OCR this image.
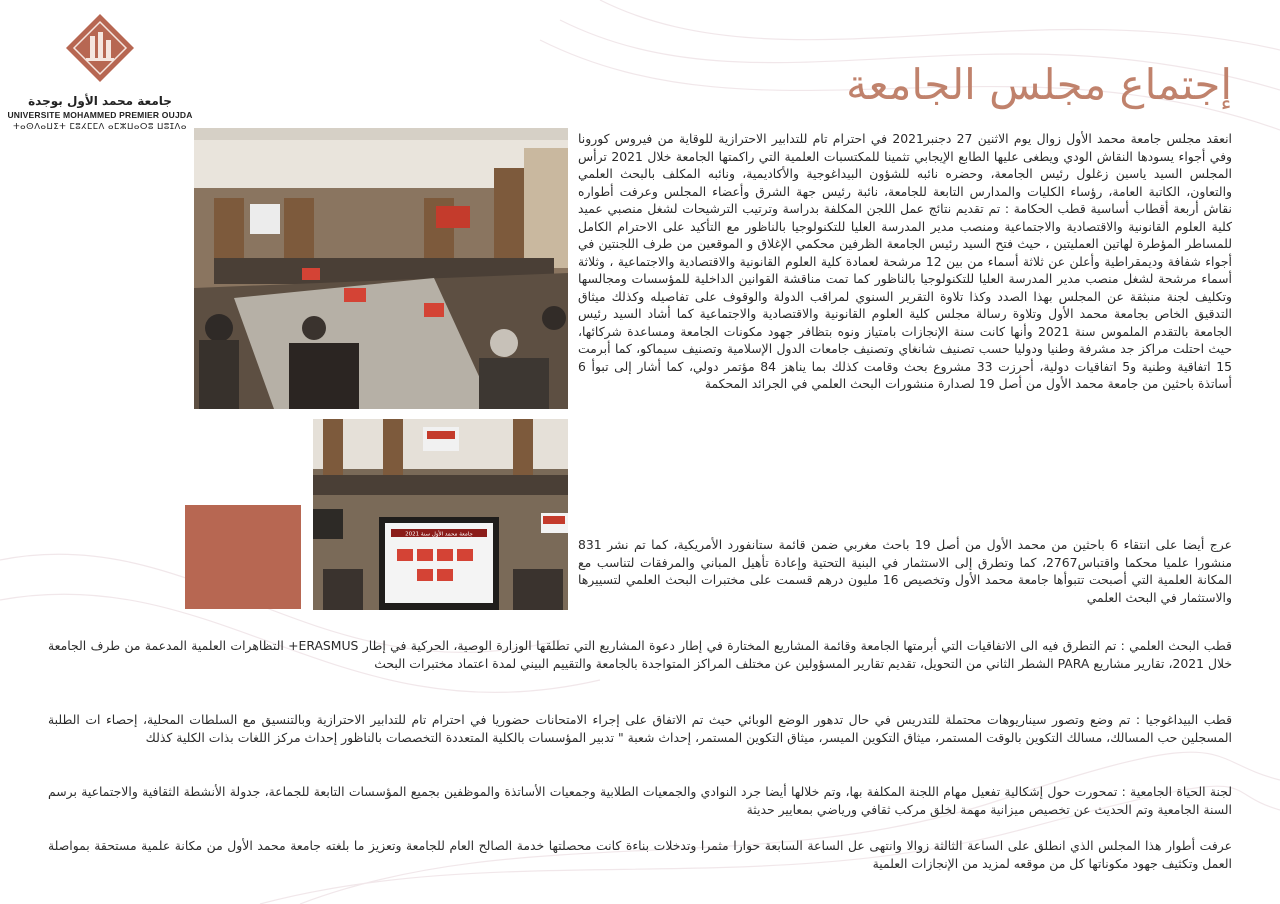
جامعة محمد الأول بوجدة
UNIVERSITE MOHAMMED PREMIER OUJDA
ⵜⴰⵙⴷⴰⵡⵉⵜ ⵎⵓⵃⵎⵎⴷ ⴰⵎⵣⵡⴰⵔⵓ ⵡⵓⵊⴷⴰ
إجتماع مجلس الجامعة
جامعة محمد الأول سنة 2021

انعقد مجلس جامعة محمد الأول زوال يوم الاثنين 27 دجنبر2021 في احترام تام للتدابير الاحترازية للوقاية من فيروس كورونا وفي أجواء يسودها النقاش الودي ويطغى عليها الطابع الإيجابي تثمينا للمكتسبات العلمية التي راكمتها الجامعة خلال 2021 ترأس المجلس السيد ياسين زغلول رئيس الجامعة، وحضره نائبه للشؤون البيداغوجية والأكاديمية، ونائبه المكلف بالبحث العلمي والتعاون، الكاتبة العامة، رؤساء الكليات والمدارس التابعة للجامعة، نائبة رئيس جهة الشرق وأعضاء المجلس وعرفت أطواره نقاش أربعة أقطاب أساسية قطب الحكامة : تم تقديم نتائج عمل اللجن المكلفة بدراسة وترتيب الترشيحات لشغل منصبي عميد كلية العلوم القانونية والاقتصادية والاجتماعية ومنصب مدير المدرسة العليا للتكنولوجيا بالناظور مع التأكيد على الاحترام الكامل للمساطر المؤطرة لهاتين العمليتين ، حيث فتح السيد رئيس الجامعة الظرفين محكمي الإغلاق و الموقعين من طرف اللجنتين في أجواء شفافة وديمقراطية وأعلن عن ثلاثة أسماء من بين 12 مرشحة لعمادة كلية العلوم القانونية والاقتصادية والاجتماعية ، وثلاثة أسماء مرشحة لشغل منصب مدير المدرسة العليا للتكنولوجيا بالناظور كما تمت مناقشة القوانين الداخلية للمؤسسات ومجالسها وتكليف لجنة منبثقة عن المجلس بهذا الصدد وكذا تلاوة التقرير السنوي لمراقب الدولة والوقوف على تفاصيله وكذلك ميثاق التدقيق الخاص بجامعة محمد الأول وتلاوة رسالة مجلس كلية العلوم القانونية والاقتصادية والاجتماعية كما أشاد السيد رئيس الجامعة بالتقدم الملموس سنة 2021 وأنها كانت سنة الإنجازات بامتياز ونوه بتظافر جهود مكونات الجامعة ومساعدة شركائها، حيث احتلت مراكز جد مشرفة وطنيا ودوليا حسب تصنيف شانغاي وتصنيف جامعات الدول الإسلامية وتصنيف سيماكو، كما أبرمت 15 اتفاقية وطنية و5 اتفاقيات دولية، أحرزت 33 مشروع بحث وقامت كذلك بما يناهز 84 مؤتمر دولي، كما أشار إلى تبوأ 6 أساتذة باحثين من جامعة محمد الأول من أصل 19 لصدارة منشورات البحث العلمي في الجرائد المحكمة

عرج أيضا على انتقاء 6 باحثين من محمد الأول من أصل 19 باحث مغربي ضمن قائمة ستانفورد الأمريكية، كما تم نشر 831 منشورا علميا محكما واقتباس2767، كما وتطرق إلى الاستثمار في البنية التحتية وإعادة تأهيل المباني والمرفقات لتناسب مع المكانة العلمية التي أصبحت تتبوأها جامعة محمد الأول وتخصيص 16 مليون درهم قسمت على مختبرات البحث العلمي لتسييرها والاستثمار في البحث العلمي

قطب البحث العلمي : تم التطرق فيه الى الاتفاقيات التي أبرمتها الجامعة وقائمة المشاريع المختارة في إطار دعوة المشاريع التي تطلقها الوزارة الوصية، الحركية في إطار ERASMUS+ التظاهرات العلمية المدعمة من طرف الجامعة خلال 2021، تقارير مشاريع PARA الشطر الثاني من التحويل، تقديم تقارير المسؤولين عن مختلف المراكز المتواجدة بالجامعة والتقييم البيني لمدة اعتماد مختبرات البحث

قطب البيداغوجيا : تم وضع وتصور سيناريوهات محتملة للتدريس في حال تدهور الوضع الوبائي حيث تم الاتفاق على إجراء الامتحانات حضوريا في احترام تام للتدابير الاحترازية وبالتنسيق مع السلطات المحلية، إحصاء ات الطلبة المسجلين حب المسالك، مسالك التكوين بالوقت المستمر، ميثاق التكوين الميسر، ميثاق التكوين المستمر، إحداث شعبة " تدبير المؤسسات بالكلية المتعددة التخصصات بالناظور إحداث مركز اللغات بذات الكلية كذلك

لجنة الحياة الجامعية : تمحورت حول إشكالية تفعيل مهام اللجنة المكلفة بها، وتم خلالها أيضا جرد النوادي والجمعيات الطلابية وجمعيات الأساتذة والموظفين بجميع المؤسسات التابعة للجماعة، جدولة الأنشطة الثقافية والاجتماعية برسم السنة الجامعية وتم الحديث عن تخصيص ميزانية مهمة لخلق مركب ثقافي ورياضي بمعايير حديثة

عرفت أطوار هذا المجلس الذي انطلق على الساعة الثالثة زوالا وانتهى عل الساعة السابعة حوارا مثمرا وتدخلات بناءة كانت محصلتها خدمة الصالح العام للجامعة وتعزيز ما بلغته جامعة محمد الأول من مكانة علمية مستحقة بمواصلة العمل وتكثيف جهود مكوناتها كل من موقعه لمزيد من الإنجازات العلمية
